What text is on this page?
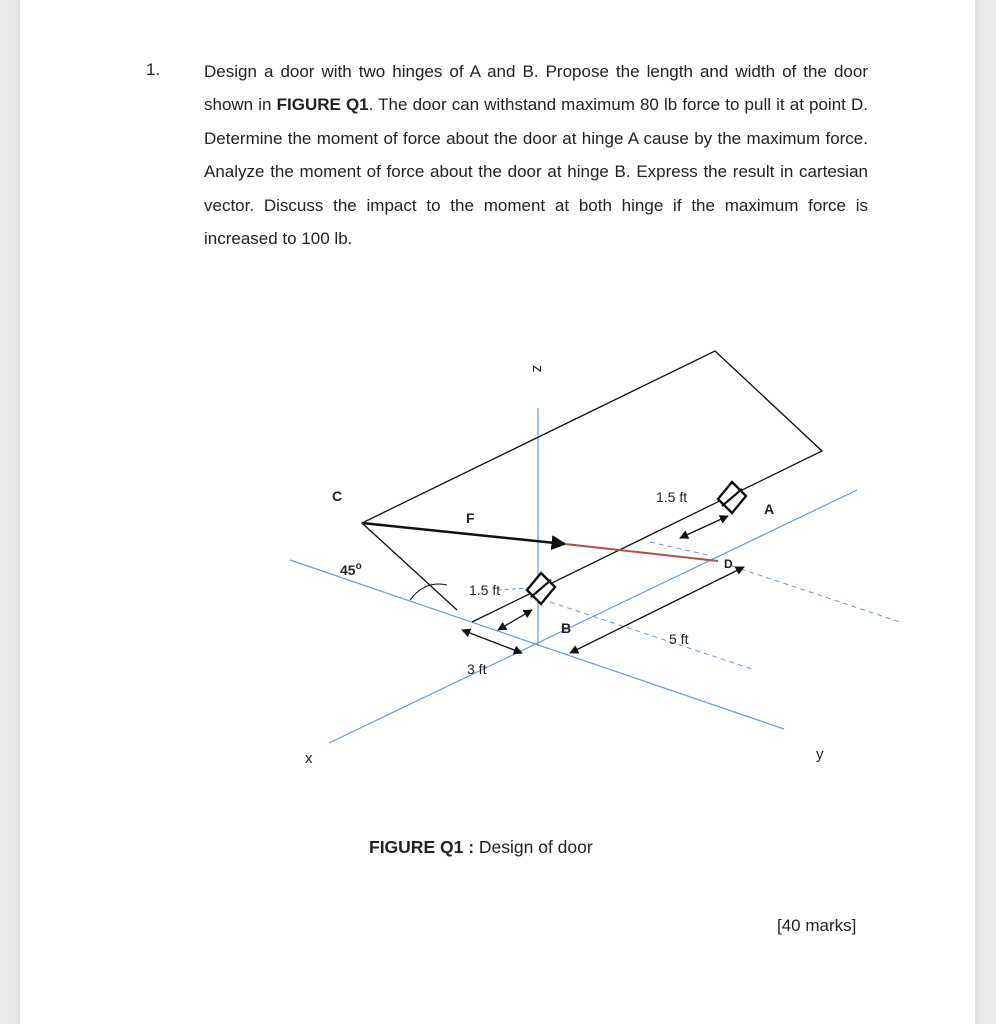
1.	Design a door with two hinges of A and B. Propose the length and width of the door shown in FIGURE Q1. The door can withstand maximum 80 lb force to pull it at point D. Determine the moment of force about the door at hinge A cause by the maximum force. Analyze the moment of force about the door at hinge B. Express the result in cartesian vector. Discuss the impact to the moment at both hinge if the maximum force is increased to 100 lb.

z
x	y
C
F
45$^o$
A
B
D
1.5 ft
1.5 ft
3 ft
5 ft
FIGURE Q1 : Design of door
[40 marks]
